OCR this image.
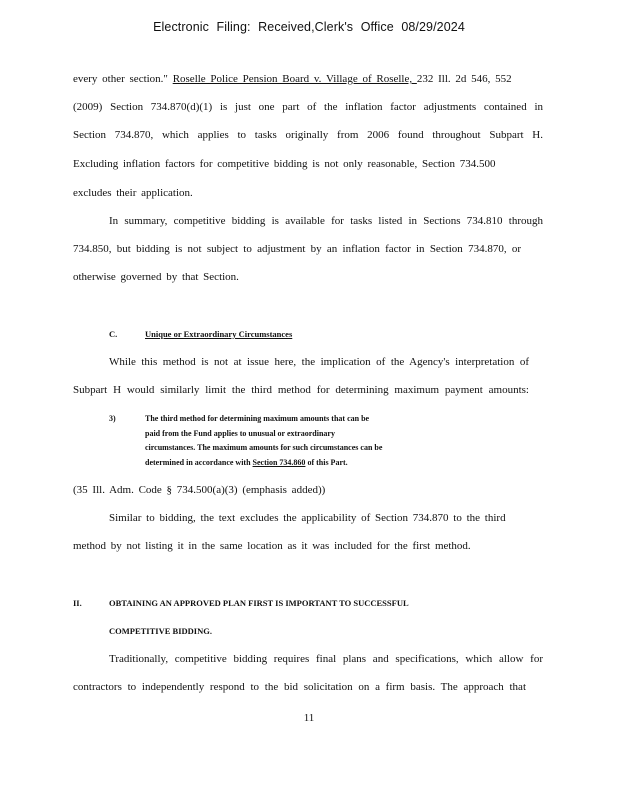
Electronic Filing: Received,Clerk's Office 08/29/2024
every other section." Roselle Police Pension Board v. Village of Roselle, 232 Ill. 2d 546, 552
(2009) Section 734.870(d)(1) is just one part of the inflation factor adjustments contained in
Section 734.870, which applies to tasks originally from 2006 found throughout Subpart H.
Excluding inflation factors for competitive bidding is not only reasonable, Section 734.500
excludes their application.
In summary, competitive bidding is available for tasks listed in Sections 734.810 through
734.850, but bidding is not subject to adjustment by an inflation factor in Section 734.870, or
otherwise governed by that Section.
C.	Unique or Extraordinary Circumstances
While this method is not at issue here, the implication of the Agency's interpretation of
Subpart H would similarly limit the third method for determining maximum payment amounts:
3)	The third method for determining maximum amounts that can be
paid from the Fund applies to unusual or extraordinary
circumstances. The maximum amounts for such circumstances can be
determined in accordance with Section 734.860 of this Part.
(35 Ill. Adm. Code § 734.500(a)(3) (emphasis added))
Similar to bidding, the text excludes the applicability of Section 734.870 to the third
method by not listing it in the same location as it was included for the first method.
II.	OBTAINING AN APPROVED PLAN FIRST IS IMPORTANT TO SUCCESSFUL
COMPETITIVE BIDDING.
Traditionally, competitive bidding requires final plans and specifications, which allow for
contractors to independently respond to the bid solicitation on a firm basis. The approach that
11
